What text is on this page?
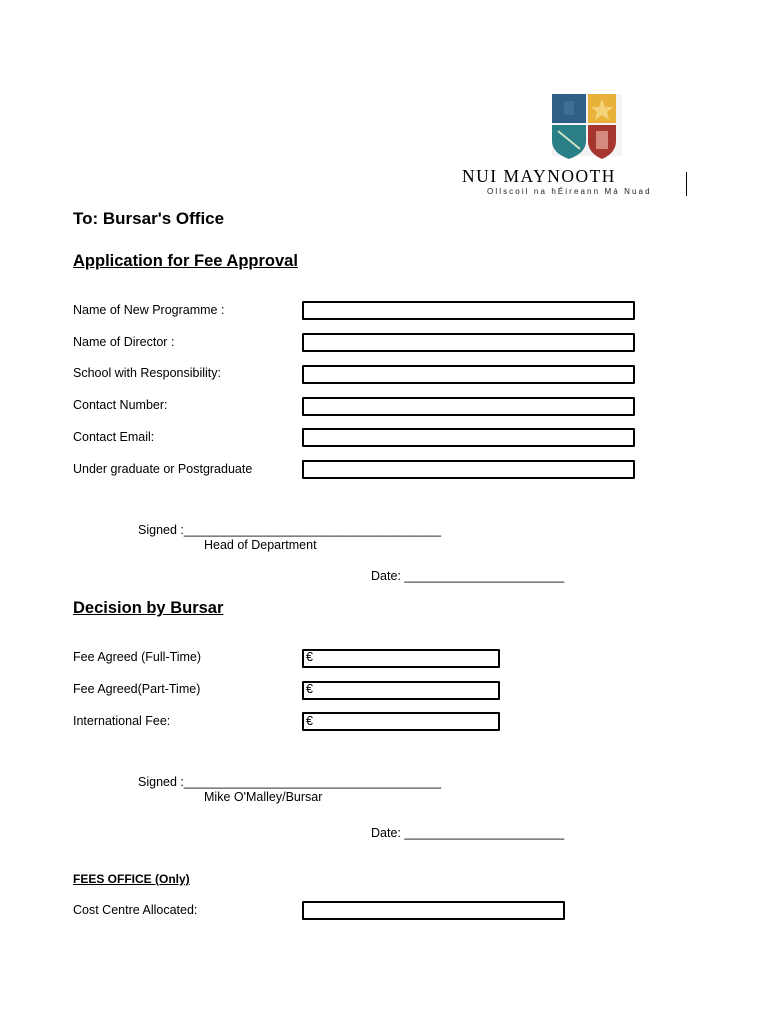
NUI MAYNOOTH
Ollscoil na hÉireann Má Nuad
To: Bursar's Office
Application for Fee Approval
Name of New Programme :
Name of Director :
School with Responsibility:
Contact Number:
Contact Email:
Under graduate or Postgraduate
Signed :_____________________________________
Head of Department
Date: _______________________
Decision by Bursar
Fee Agreed (Full-Time)	€
Fee Agreed(Part-Time)	€
International Fee:	€
Signed :_____________________________________
Mike O'Malley/Bursar
Date: _______________________
FEES OFFICE (Only)
Cost Centre Allocated:
